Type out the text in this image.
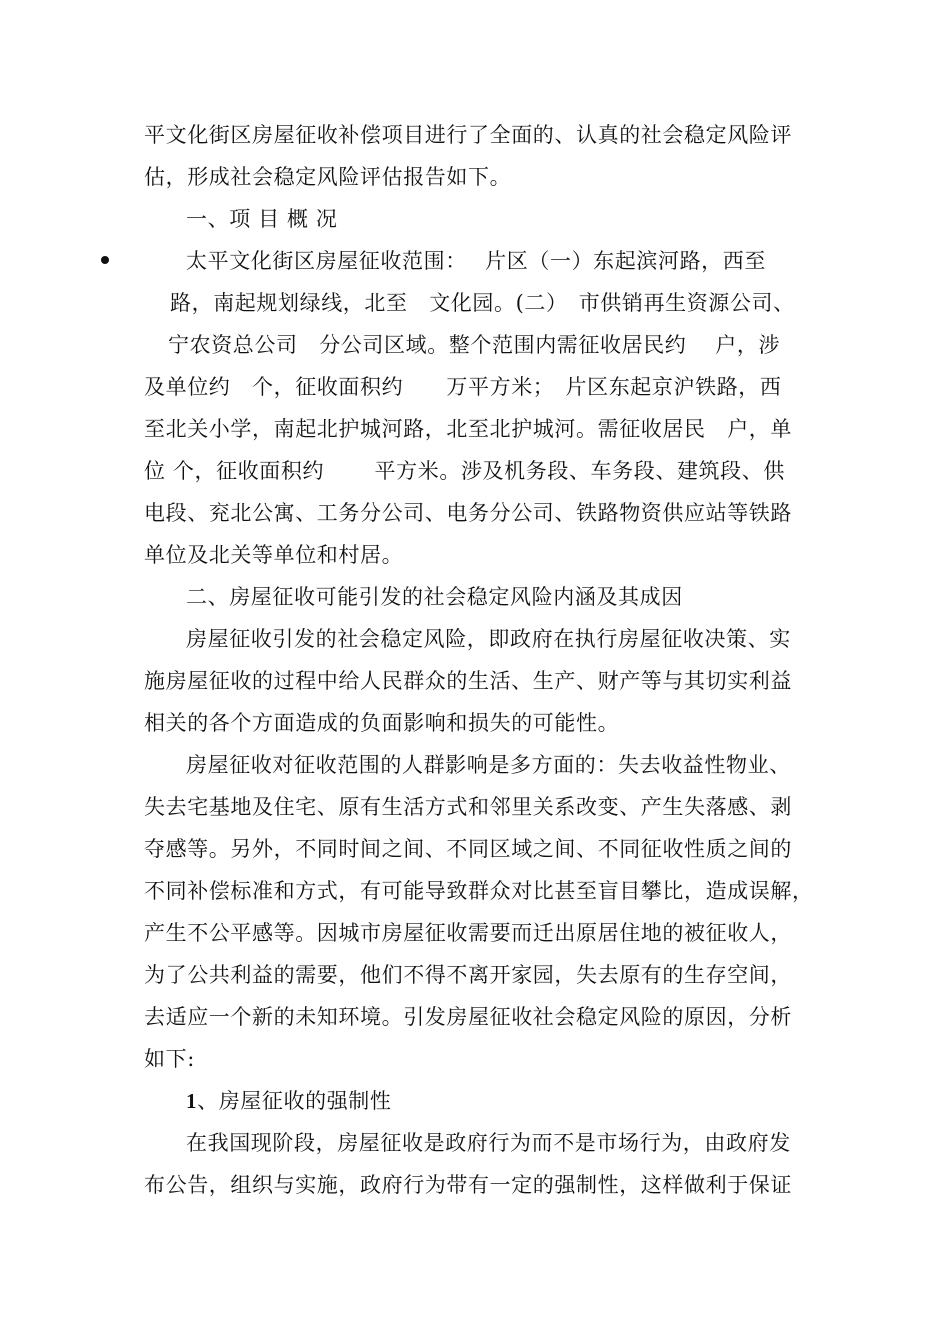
平文化街区房屋征收补偿项目进行了全面的、认真的社会稳定风险评
估，形成社会稳定风险评估报告如下。
一、项 目 概 况
太平文化街区房屋征收范围：　 片区（一）东起滨河路，西至
路，南起规划绿线，北至　文化园。(二）　市供销再生资源公司、
宁农资总公司　分公司区域。整个范围内需征收居民约　 户，涉
及单位约　个，征收面积约　　万平方米；　片区东起京沪铁路，西
至北关小学，南起北护城河路，北至北护城河。需征收居民　户，单
位 个，征收面积约　　 平方米。涉及机务段、车务段、建筑段、供
电段、兖北公寓、工务分公司、电务分公司、铁路物资供应站等铁路
单位及北关等单位和村居。
二、房屋征收可能引发的社会稳定风险内涵及其成因
房屋征收引发的社会稳定风险，即政府在执行房屋征收决策、实
施房屋征收的过程中给人民群众的生活、生产、财产等与其切实利益
相关的各个方面造成的负面影响和损失的可能性。
房屋征收对征收范围的人群影响是多方面的：失去收益性物业、
失去宅基地及住宅、原有生活方式和邻里关系改变、产生失落感、剥
夺感等。另外，不同时间之间、不同区域之间、不同征收性质之间的
不同补偿标准和方式，有可能导致群众对比甚至盲目攀比，造成误解，
产生不公平感等。因城市房屋征收需要而迁出原居住地的被征收人，
为了公共利益的需要，他们不得不离开家园，失去原有的生存空间，
去适应一个新的未知环境。引发房屋征收社会稳定风险的原因，分析
如下:
1、房屋征收的强制性
在我国现阶段，房屋征收是政府行为而不是市场行为，由政府发
布公告，组织与实施，政府行为带有一定的强制性，这样做利于保证
